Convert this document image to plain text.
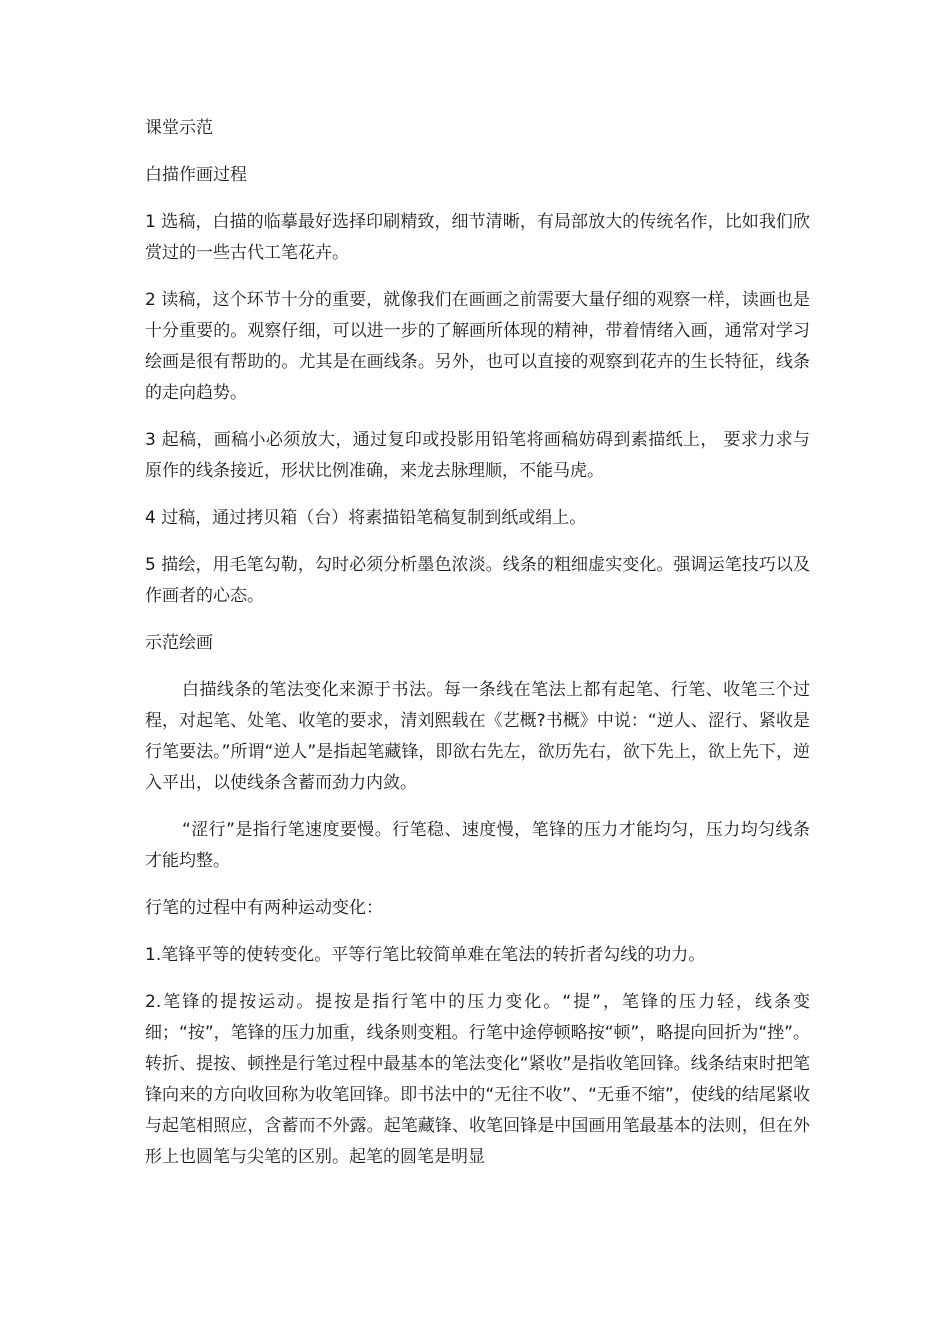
课堂示范

白描作画过程

1 选稿，白描的临摹最好选择印刷精致，细节清晰，有局部放大的传统名作，比如我们欣赏过的一些古代工笔花卉。

2 读稿，这个环节十分的重要，就像我们在画画之前需要大量仔细的观察一样，读画也是十分重要的。观察仔细，可以进一步的了解画所体现的精神，带着情绪入画，通常对学习绘画是很有帮助的。尤其是在画线条。另外，也可以直接的观察到花卉的生长特征，线条的走向趋势。

3 起稿，画稿小必须放大，通过复印或投影用铅笔将画稿妨碍到素描纸上， 要求力求与原作的线条接近，形状比例准确，来龙去脉理顺，不能马虎。

4 过稿，通过拷贝箱（台）将素描铅笔稿复制到纸或绢上。

5 描绘，用毛笔勾勒，勾时必须分析墨色浓淡。线条的粗细虚实变化。强调运笔技巧以及作画者的心态。

示范绘画

白描线条的笔法变化来源于书法。每一条线在笔法上都有起笔、行笔、收笔三个过程，对起笔、处笔、收笔的要求，清刘熙载在《艺概?书概》中说：“逆人、涩行、紧收是行笔要法。”所谓“逆人”是指起笔藏锋，即欲右先左，欲历先右，欲下先上，欲上先下，逆入平出，以使线条含蓄而劲力内敛。

“涩行”是指行笔速度要慢。行笔稳、速度慢，笔锋的压力才能均匀，压力均匀线条才能均整。

行笔的过程中有两种运动变化：

1.笔锋平等的使转变化。平等行笔比较简单难在笔法的转折者勾线的功力。

2.笔锋的提按运动。提按是指行笔中的压力变化。“提”，笔锋的压力轻，线条变细；“按”，笔锋的压力加重，线条则变粗。行笔中途停顿略按“顿”，略提向回折为“挫”。转折、提按、顿挫是行笔过程中最基本的笔法变化“紧收”是指收笔回锋。线条结束时把笔锋向来的方向收回称为收笔回锋。即书法中的“无往不收”、“无垂不缩”，使线的结尾紧收与起笔相照应，含蓄而不外露。起笔藏锋、收笔回锋是中国画用笔最基本的法则，但在外形上也圆笔与尖笔的区别。起笔的圆笔是明显
